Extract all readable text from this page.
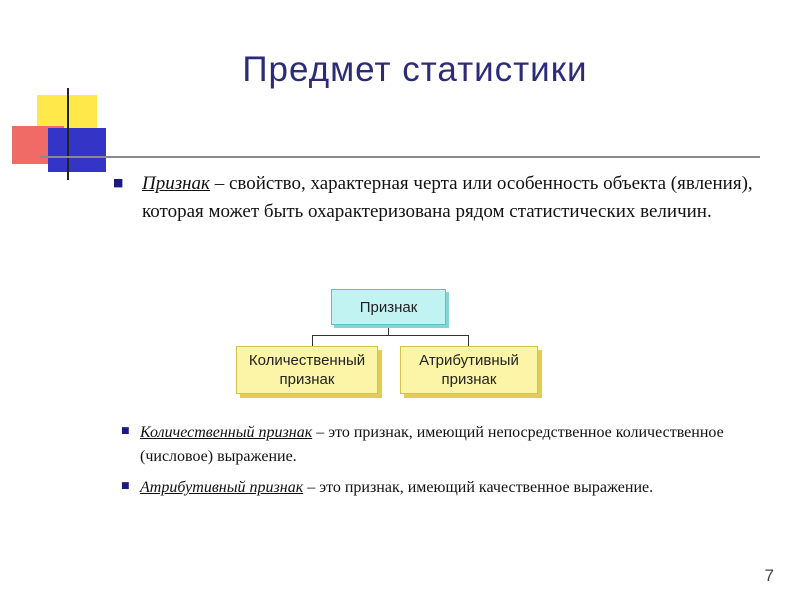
Предмет статистики
■ Признак – свойство, характерная черта или особенность объекта (явления), которая может быть охарактеризована рядом статистических величин.
Признак
Количественный
признак
Атрибутивный
признак
■ Количественный признак – это признак, имеющий непосредственное количественное (числовое) выражение.
■ Атрибутивный признак – это признак, имеющий качественное выражение.
7
